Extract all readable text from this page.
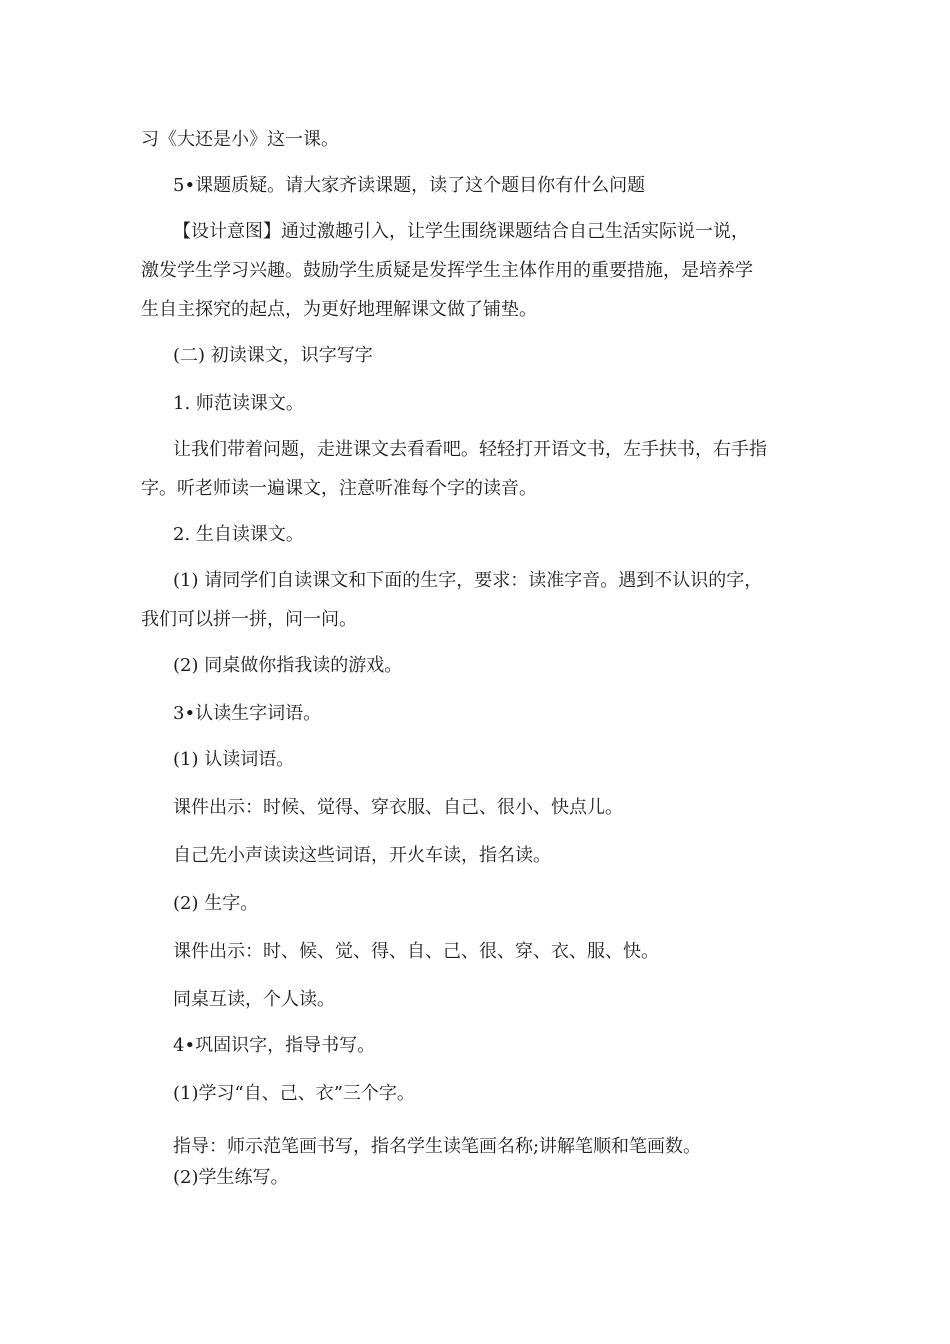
习《大还是小》这一课。
5•课题质疑。请大家齐读课题，读了这个题目你有什么问题
【设计意图】通过激趣引入，让学生围绕课题结合自己生活实际说一说，
激发学生学习兴趣。鼓励学生质疑是发挥学生主体作用的重要措施，是培养学
生自主探究的起点，为更好地理解课文做了铺垫。
(二) 初读课文，识字写字
1. 师范读课文。
让我们带着问题，走进课文去看看吧。轻轻打开语文书，左手扶书，右手指
字。听老师读一遍课文，注意听准每个字的读音。
2. 生自读课文。
(1) 请同学们自读课文和下面的生字，要求：读准字音。遇到不认识的字，
我们可以拼一拼，问一问。
(2) 同桌做你指我读的游戏。
3•认读生字词语。
(1) 认读词语。
课件出示：时候、觉得、穿衣服、自己、很小、快点儿。
自己先小声读读这些词语，开火车读，指名读。
(2) 生字。
课件出示：时、候、觉、得、自、己、很、穿、衣、服、快。
同桌互读，个人读。
4•巩固识字，指导书写。
(1)学习“自、己、衣”三个字。
指导：师示范笔画书写，指名学生读笔画名称;讲解笔顺和笔画数。
(2)学生练写。
